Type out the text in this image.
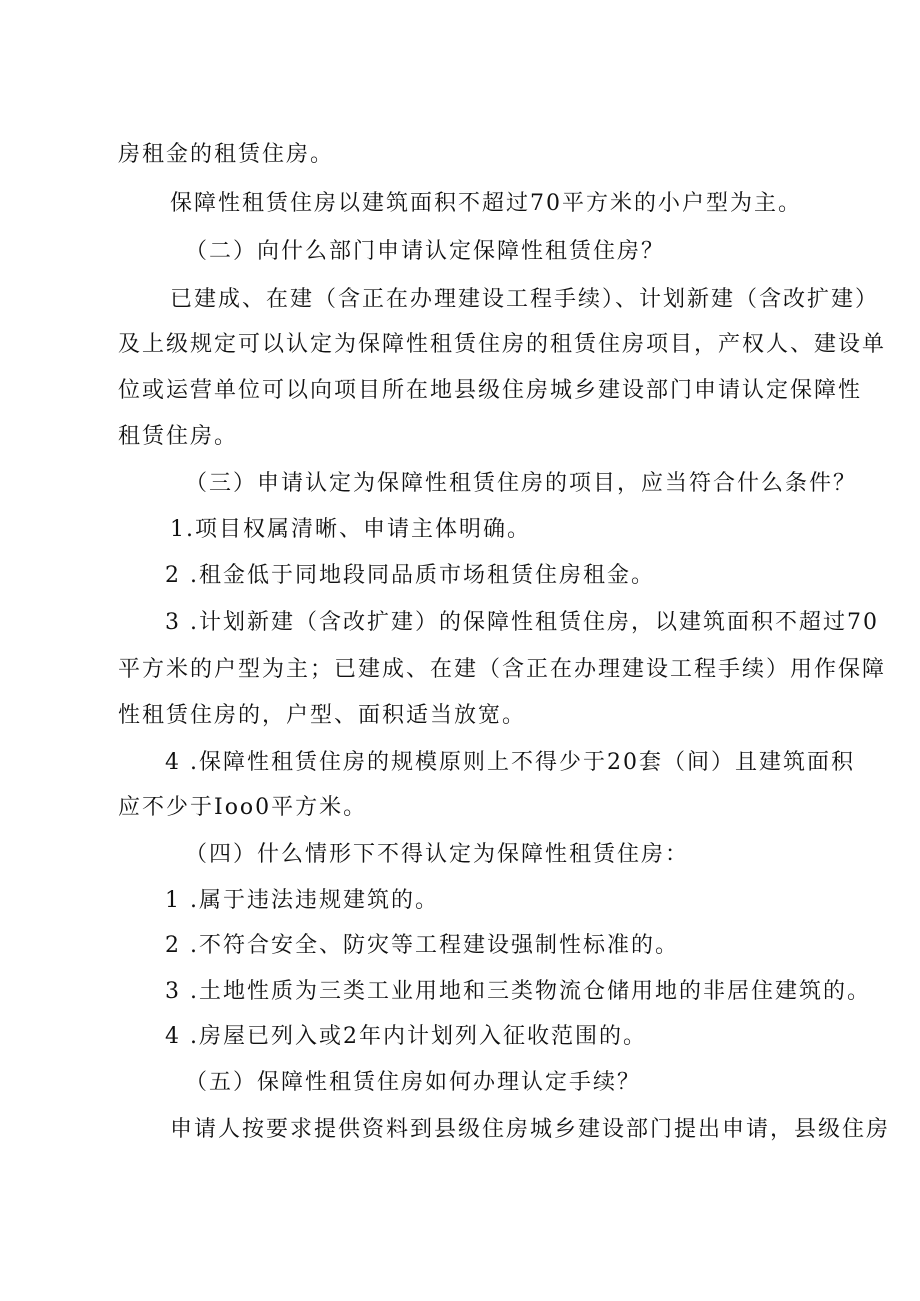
房租金的租赁住房。
保障性租赁住房以建筑面积不超过70平方米的小户型为主。
（二）向什么部门申请认定保障性租赁住房？
已建成、在建（含正在办理建设工程手续）、计划新建（含改扩建）
及上级规定可以认定为保障性租赁住房的租赁住房项目，产权人、建设单
位或运营单位可以向项目所在地县级住房城乡建设部门申请认定保障性
租赁住房。
（三）申请认定为保障性租赁住房的项目，应当符合什么条件？
1.项目权属清晰、申请主体明确。
2 .租金低于同地段同品质市场租赁住房租金。
3 .计划新建（含改扩建）的保障性租赁住房，以建筑面积不超过70
平方米的户型为主；已建成、在建（含正在办理建设工程手续）用作保障
性租赁住房的，户型、面积适当放宽。
4 .保障性租赁住房的规模原则上不得少于20套（间）且建筑面积
应不少于Ioo0平方米。
（四）什么情形下不得认定为保障性租赁住房：
1 .属于违法违规建筑的。
2 .不符合安全、防灾等工程建设强制性标准的。
3 .土地性质为三类工业用地和三类物流仓储用地的非居住建筑的。
4 .房屋已列入或2年内计划列入征收范围的。
（五）保障性租赁住房如何办理认定手续？
申请人按要求提供资料到县级住房城乡建设部门提出申请，县级住房
